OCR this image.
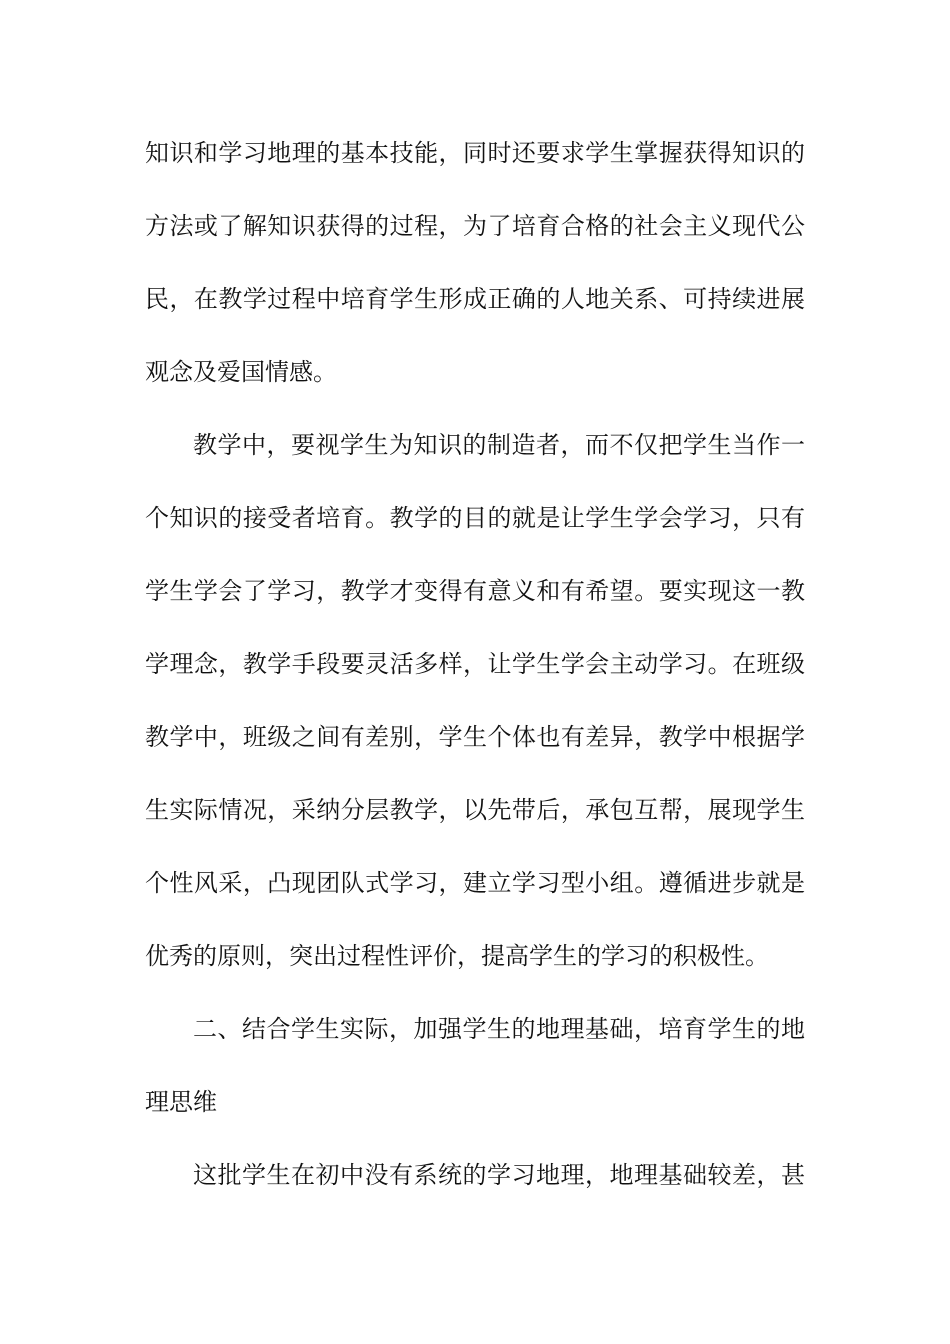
知识和学习地理的基本技能，同时还要求学生掌握获得知识的
方法或了解知识获得的过程，为了培育合格的社会主义现代公
民，在教学过程中培育学生形成正确的人地关系、可持续进展
观念及爱国情感。
教学中，要视学生为知识的制造者，而不仅把学生当作一
个知识的接受者培育。教学的目的就是让学生学会学习，只有
学生学会了学习，教学才变得有意义和有希望。要实现这一教
学理念，教学手段要灵活多样，让学生学会主动学习。在班级
教学中，班级之间有差别，学生个体也有差异，教学中根据学
生实际情况，采纳分层教学，以先带后，承包互帮，展现学生
个性风采，凸现团队式学习，建立学习型小组。遵循进步就是
优秀的原则，突出过程性评价，提高学生的学习的积极性。
二、结合学生实际，加强学生的地理基础，培育学生的地
理思维
这批学生在初中没有系统的学习地理，地理基础较差，甚
